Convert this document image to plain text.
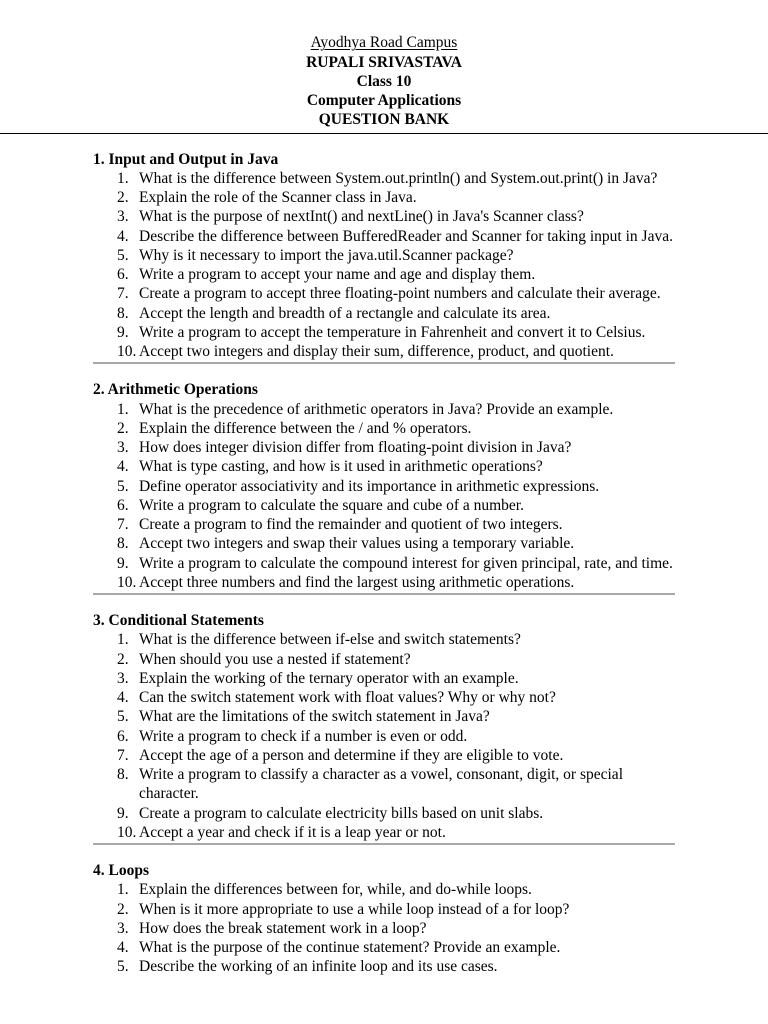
Ayodhya Road Campus
RUPALI SRIVASTAVA
Class 10
Computer Applications
QUESTION BANK
1. Input and Output in Java
1. What is the difference between System.out.println() and System.out.print() in Java?
2. Explain the role of the Scanner class in Java.
3. What is the purpose of nextInt() and nextLine() in Java's Scanner class?
4. Describe the difference between BufferedReader and Scanner for taking input in Java.
5. Why is it necessary to import the java.util.Scanner package?
6. Write a program to accept your name and age and display them.
7. Create a program to accept three floating-point numbers and calculate their average.
8. Accept the length and breadth of a rectangle and calculate its area.
9. Write a program to accept the temperature in Fahrenheit and convert it to Celsius.
10. Accept two integers and display their sum, difference, product, and quotient.
2. Arithmetic Operations
1. What is the precedence of arithmetic operators in Java? Provide an example.
2. Explain the difference between the / and % operators.
3. How does integer division differ from floating-point division in Java?
4. What is type casting, and how is it used in arithmetic operations?
5. Define operator associativity and its importance in arithmetic expressions.
6. Write a program to calculate the square and cube of a number.
7. Create a program to find the remainder and quotient of two integers.
8. Accept two integers and swap their values using a temporary variable.
9. Write a program to calculate the compound interest for given principal, rate, and time.
10. Accept three numbers and find the largest using arithmetic operations.
3. Conditional Statements
1. What is the difference between if-else and switch statements?
2. When should you use a nested if statement?
3. Explain the working of the ternary operator with an example.
4. Can the switch statement work with float values? Why or why not?
5. What are the limitations of the switch statement in Java?
6. Write a program to check if a number is even or odd.
7. Accept the age of a person and determine if they are eligible to vote.
8. Write a program to classify a character as a vowel, consonant, digit, or special
character.
9. Create a program to calculate electricity bills based on unit slabs.
10. Accept a year and check if it is a leap year or not.
4. Loops
1. Explain the differences between for, while, and do-while loops.
2. When is it more appropriate to use a while loop instead of a for loop?
3. How does the break statement work in a loop?
4. What is the purpose of the continue statement? Provide an example.
5. Describe the working of an infinite loop and its use cases.
